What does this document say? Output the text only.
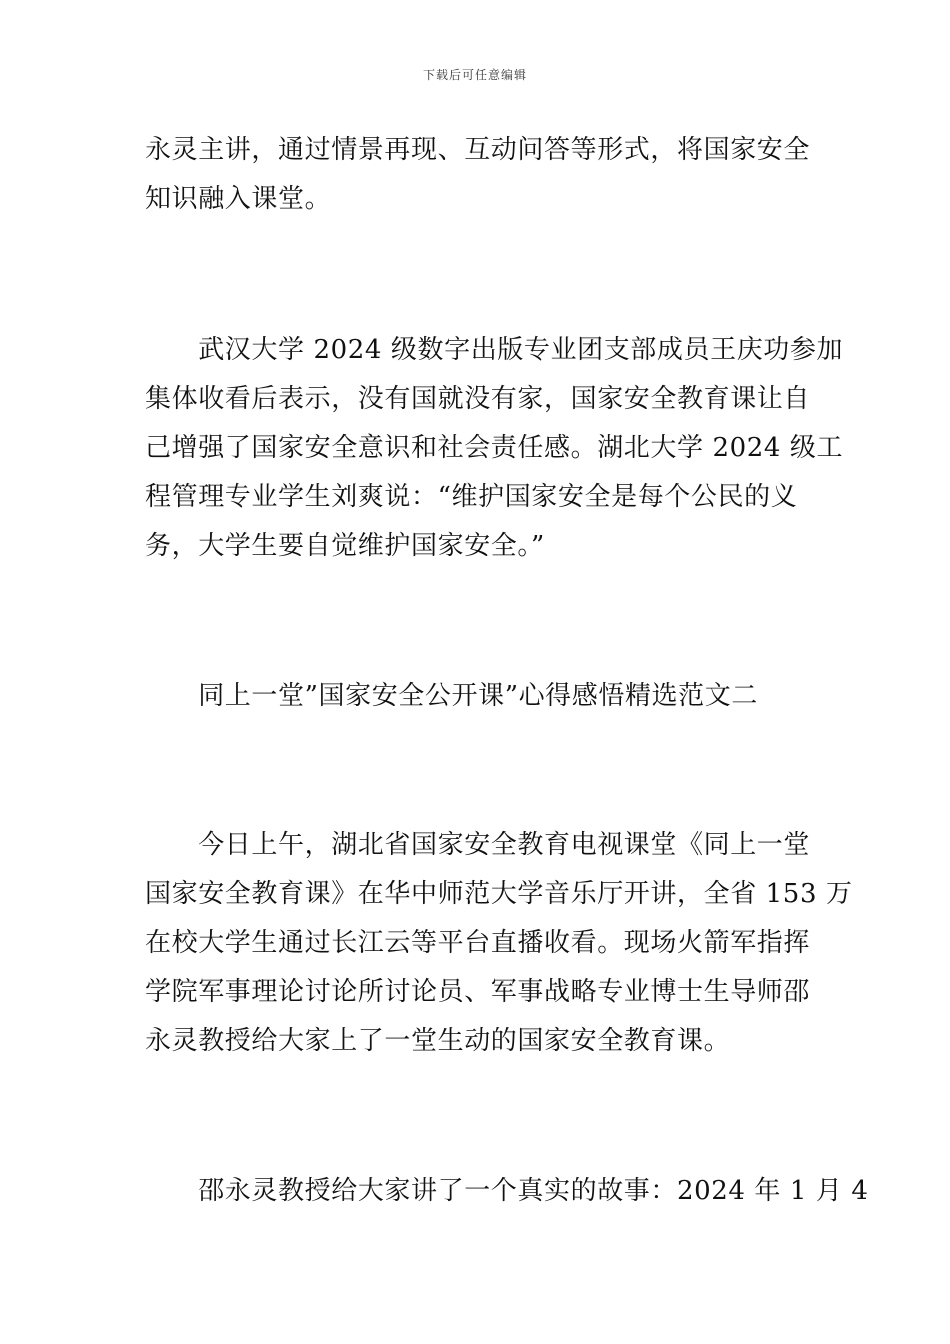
下载后可任意编辑
永灵主讲，通过情景再现、互动问答等形式，将国家安全
知识融入课堂。
　　武汉大学 2024 级数字出版专业团支部成员王庆功参加
集体收看后表示，没有国就没有家，国家安全教育课让自
己增强了国家安全意识和社会责任感。湖北大学 2024 级工
程管理专业学生刘爽说：“维护国家安全是每个公民的义
务，大学生要自觉维护国家安全。”
　　同上一堂”国家安全公开课”心得感悟精选范文二
　　今日上午，湖北省国家安全教育电视课堂《同上一堂
国家安全教育课》在华中师范大学音乐厅开讲，全省 153 万
在校大学生通过长江云等平台直播收看。现场火箭军指挥
学院军事理论讨论所讨论员、军事战略专业博士生导师邵
永灵教授给大家上了一堂生动的国家安全教育课。
　　邵永灵教授给大家讲了一个真实的故事：2024 年 1 月 4
